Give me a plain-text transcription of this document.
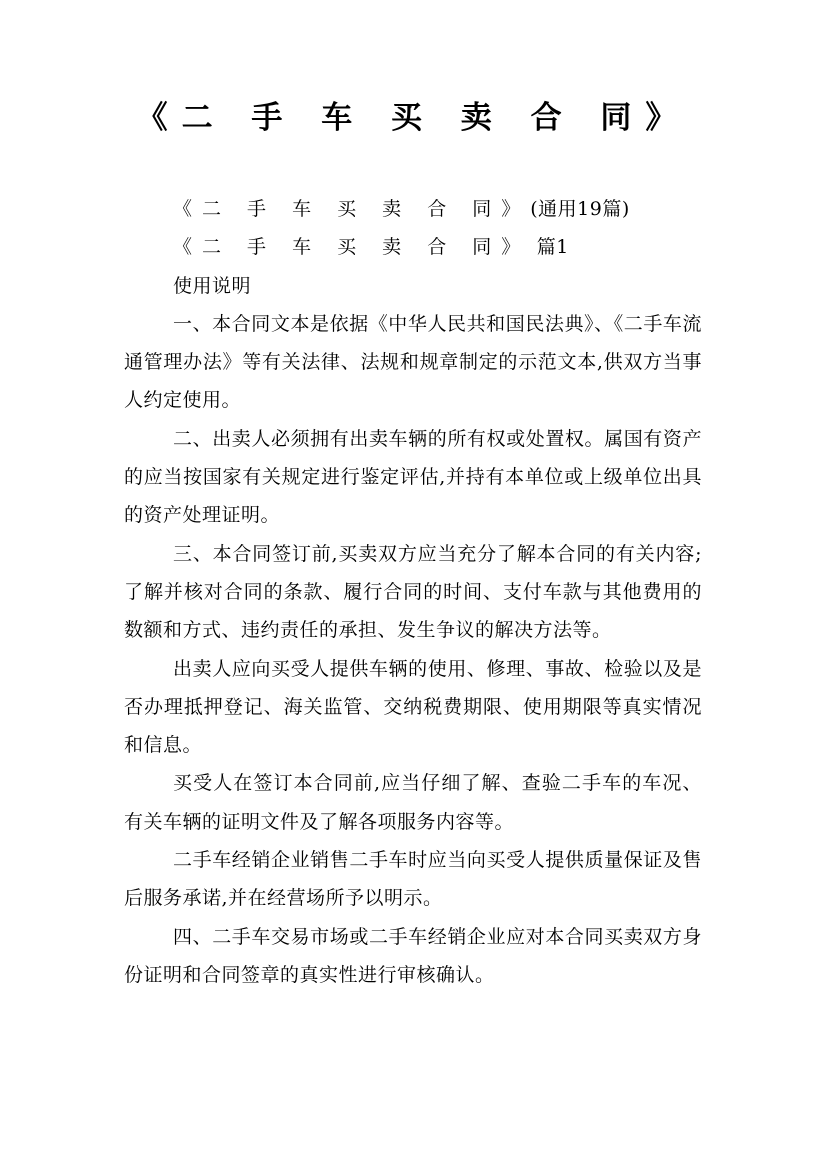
《二 手 车 买 卖 合 同》

《二 手 车 买 卖 合 同》(通用19篇)

《二 手 车 买 卖 合 同》 篇1

使用说明

一、本合同文本是依据《中华人民共和国民法典》、《二手车流通管理办法》等有关法律、法规和规章制定的示范文本,供双方当事人约定使用。

二、出卖人必须拥有出卖车辆的所有权或处置权。属国有资产的应当按国家有关规定进行鉴定评估,并持有本单位或上级单位出具的资产处理证明。

三、本合同签订前,买卖双方应当充分了解本合同的有关内容;了解并核对合同的条款、履行合同的时间、支付车款与其他费用的数额和方式、违约责任的承担、发生争议的解决方法等。

出卖人应向买受人提供车辆的使用、修理、事故、检验以及是否办理抵押登记、海关监管、交纳税费期限、使用期限等真实情况和信息。

买受人在签订本合同前,应当仔细了解、查验二手车的车况、有关车辆的证明文件及了解各项服务内容等。

二手车经销企业销售二手车时应当向买受人提供质量保证及售后服务承诺,并在经营场所予以明示。

四、二手车交易市场或二手车经销企业应对本合同买卖双方身份证明和合同签章的真实性进行审核确认。
